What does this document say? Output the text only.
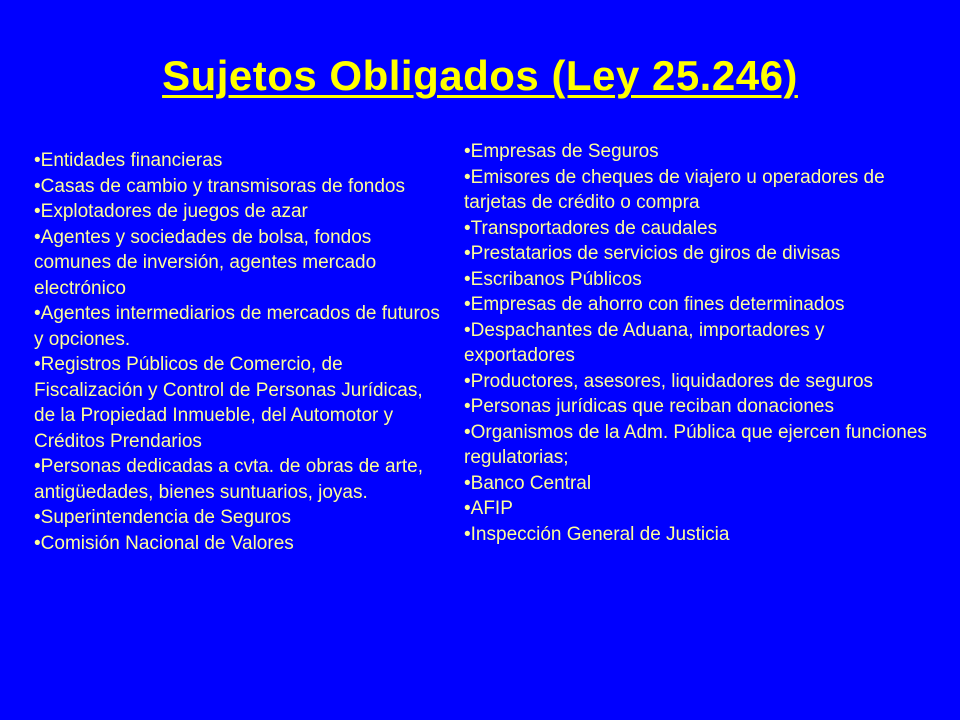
Sujetos Obligados (Ley 25.246)
•Entidades financieras
•Casas de cambio y transmisoras de fondos
•Explotadores de juegos de azar
•Agentes y sociedades de bolsa, fondos comunes de inversión, agentes mercado electrónico
•Agentes intermediarios de mercados de futuros y opciones.
•Registros Públicos de Comercio, de Fiscalización y Control de Personas Jurídicas, de la Propiedad Inmueble, del Automotor y Créditos Prendarios
•Personas dedicadas a cvta. de obras de arte, antigüedades, bienes suntuarios, joyas.
•Superintendencia de Seguros
•Comisión Nacional de Valores
•Empresas de Seguros
•Emisores de cheques de viajero u operadores de tarjetas de crédito o compra
•Transportadores de caudales
•Prestatarios de servicios de giros de divisas
•Escribanos Públicos
•Empresas de ahorro con fines determinados
•Despachantes de Aduana, importadores y exportadores
•Productores, asesores, liquidadores de seguros
•Personas jurídicas que reciban donaciones
•Organismos de la Adm. Pública que ejercen funciones regulatorias;
•Banco Central
•AFIP
•Inspección General de Justicia
